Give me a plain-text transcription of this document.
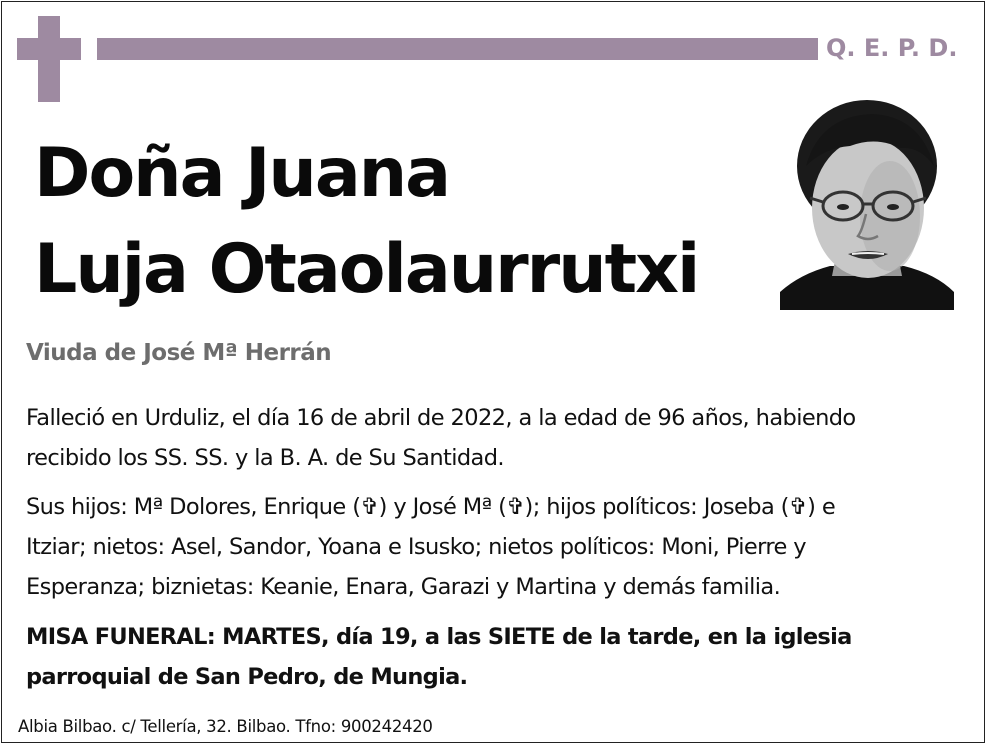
Q. E. P. D.
Doña Juana
Luja Otaolaurrutxi
Viuda de José Mª Herrán
Falleció en Urduliz, el día 16 de abril de 2022, a la edad de 96 años, habiendo
recibido los SS. SS. y la B. A. de Su Santidad.
Sus hijos: Mª Dolores, Enrique (✞) y José Mª (✞); hijos políticos: Joseba (✞) e
Itziar; nietos: Asel, Sandor, Yoana e Isusko; nietos políticos: Moni, Pierre y
Esperanza; biznietas: Keanie, Enara, Garazi y Martina y demás familia.
MISA FUNERAL: MARTES, día 19, a las SIETE de la tarde, en la iglesia
parroquial de San Pedro, de Mungia.
Albia Bilbao. c/ Tellería, 32. Bilbao. Tfno: 900242420
